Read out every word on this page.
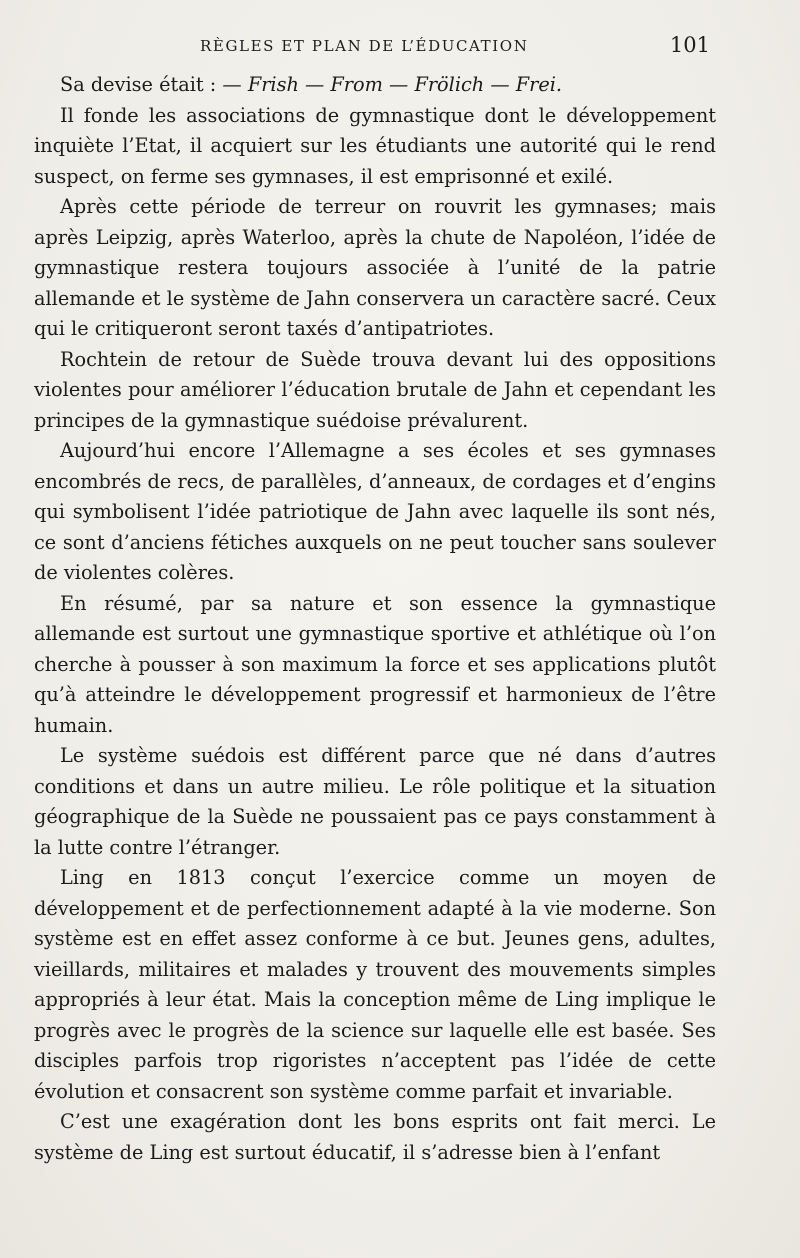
RÈGLES ET PLAN DE L’ÉDUCATION	101

Sa devise était : — Frish — From — Frölich — Frei.

Il fonde les associations de gymnastique dont le développement inquiète l’Etat, il acquiert sur les étudiants une autorité qui le rend suspect, on ferme ses gymnases, il est emprisonné et exilé.

Après cette période de terreur on rouvrit les gymnases; mais après Leipzig, après Waterloo, après la chute de Napoléon, l’idée de gymnastique restera toujours associée à l’unité de la patrie allemande et le système de Jahn conservera un caractère sacré. Ceux qui le critiqueront seront taxés d’antipatriotes.

Rochtein de retour de Suède trouva devant lui des oppositions violentes pour améliorer l’éducation brutale de Jahn et cependant les principes de la gymnastique suédoise prévalurent.

Aujourd’hui encore l’Allemagne a ses écoles et ses gymnases encombrés de recs, de parallèles, d’anneaux, de cordages et d’engins qui symbolisent l’idée patriotique de Jahn avec laquelle ils sont nés, ce sont d’anciens fétiches auxquels on ne peut toucher sans soulever de violentes colères.

En résumé, par sa nature et son essence la gymnastique allemande est surtout une gymnastique sportive et athlétique où l’on cherche à pousser à son maximum la force et ses applications plutôt qu’à atteindre le développement progressif et harmonieux de l’être humain.

Le système suédois est différent parce que né dans d’autres conditions et dans un autre milieu. Le rôle politique et la situation géographique de la Suède ne poussaient pas ce pays constamment à la lutte contre l’étranger.

Ling en 1813 conçut l’exercice comme un moyen de développement et de perfectionnement adapté à la vie moderne. Son système est en effet assez conforme à ce but. Jeunes gens, adultes, vieillards, militaires et malades y trouvent des mouvements simples appropriés à leur état. Mais la conception même de Ling implique le progrès avec le progrès de la science sur laquelle elle est basée. Ses disciples parfois trop rigoristes n’acceptent pas l’idée de cette évolution et consacrent son système comme parfait et invariable.

C’est une exagération dont les bons esprits ont fait merci. Le système de Ling est surtout éducatif, il s’adresse bien à l’enfant
